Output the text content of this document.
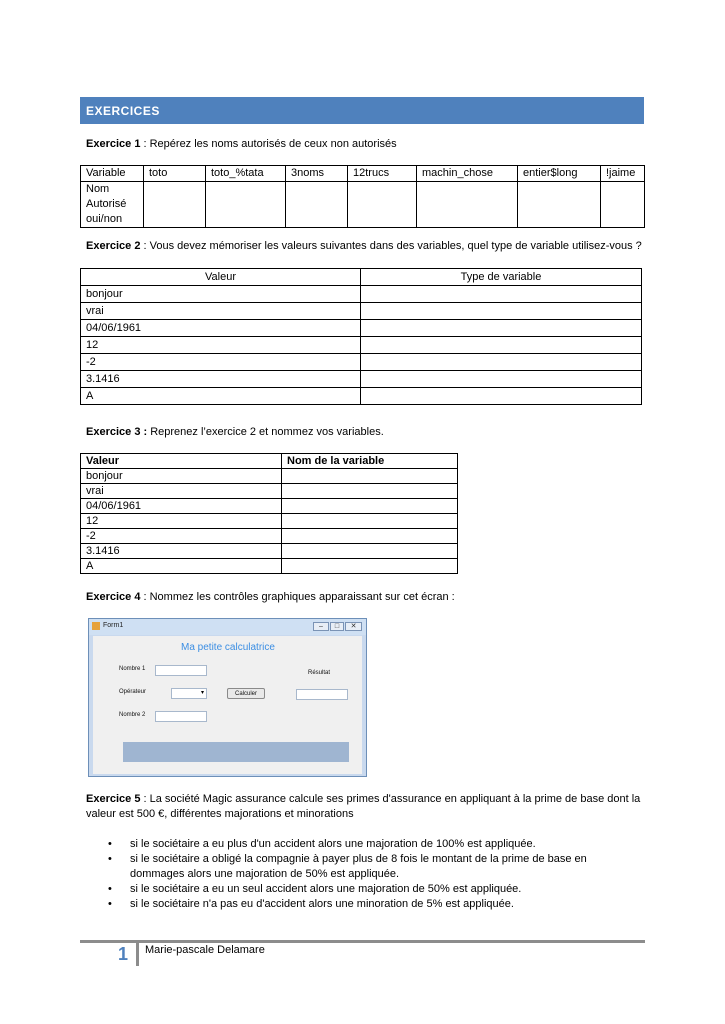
EXERCICES
Exercice 1 : Repérez les noms autorisés de ceux non autorisés
Variable	toto	toto_%tata	3noms	12trucs	machin_chose	entier$long	!jaime

Nom
Autorisé
oui/non							

Exercice 2 : Vous devez mémoriser les valeurs suivantes dans des variables, quel type de variable utilisez-vous ?
Valeur	Type de variable
bonjour	
vrai	
04/06/1961	
12	
-2	
3.1416	
A	
Exercice 3 : Reprenez l’exercice 2 et nommez vos variables.
Valeur	Nom de la variable
bonjour	
vrai	
04/06/1961	
12	
-2	
3.1416	
A	
Exercice 4 : Nommez les contrôles graphiques apparaissant sur cet écran :
Form1	–	□	✕
Ma petite calculatrice
Nombre 1
Opérateur	▾	Calculer
Résultat
Nombre 2
Exercice 5 : La société Magic assurance calcule ses primes d'assurance en appliquant à la prime de base dont la
valeur est 500 €, différentes majorations et minorations
• si le sociétaire a eu plus d'un accident alors une majoration de 100% est appliquée.
• si le sociétaire a obligé la compagnie à payer plus de 8 fois le montant de la prime de base en
dommages alors une majoration de 50% est appliquée.
• si le sociétaire a eu un seul accident alors une majoration de 50% est appliquée.
• si le sociétaire n'a pas eu d'accident alors une minoration de 5% est appliquée.
1 Marie-pascale Delamare
